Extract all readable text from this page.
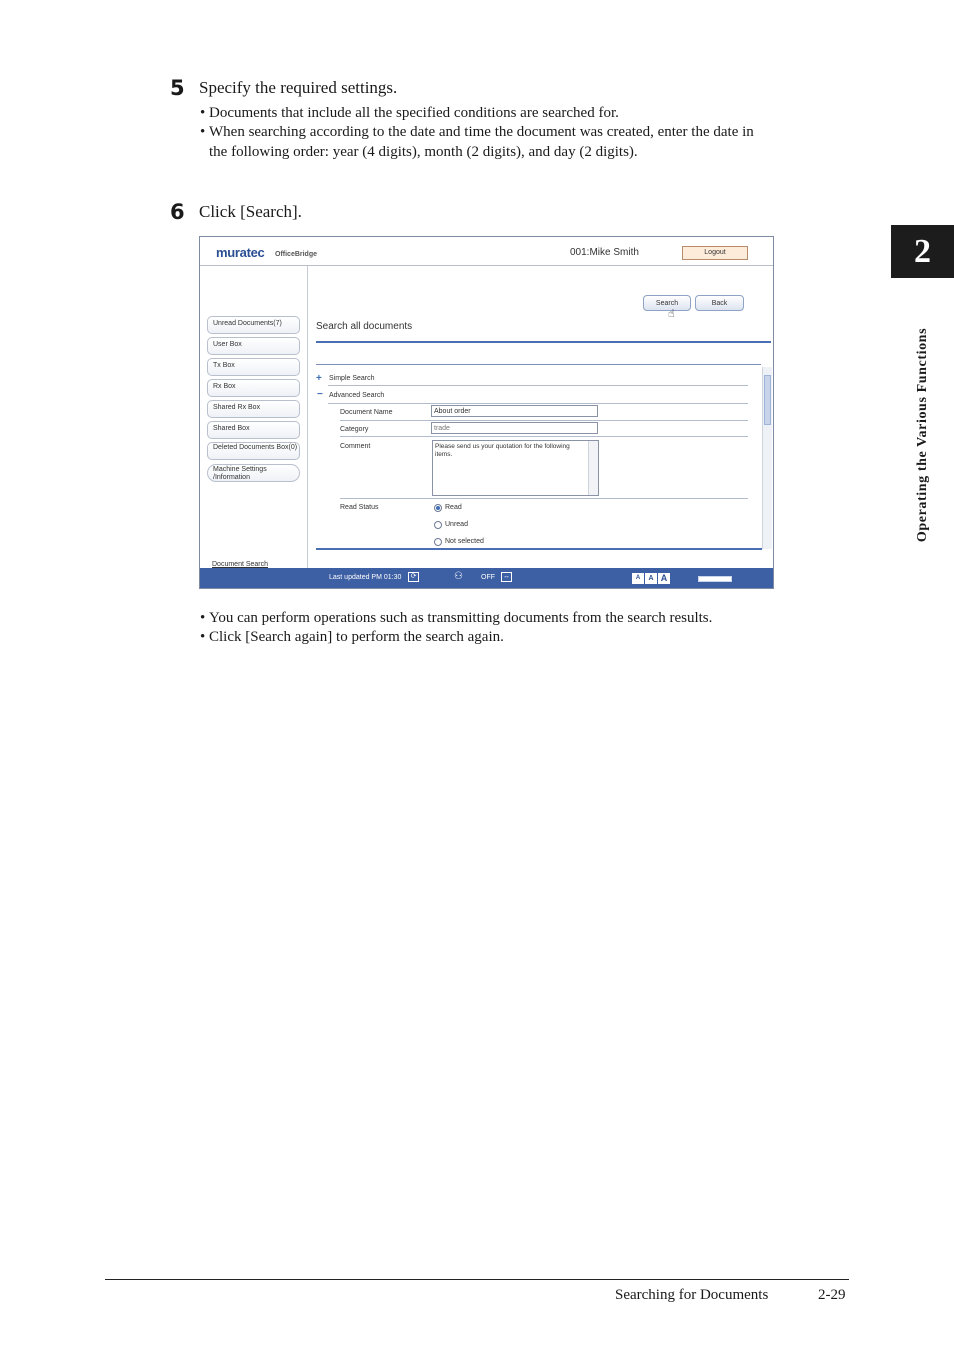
5 Specify the required settings.
• Documents that include all the specified conditions are searched for.
• When searching according to the date and time the document was created, enter the date in
the following order: year (4 digits), month (2 digits), and day (2 digits).
6 Click [Search].
2
Operating the Various Functions
muratec OfficeBridge	001:Mike Smith	Logout
Unread Documents(7)
User Box
Tx Box
Rx Box
Shared Rx Box
Shared Box
Deleted Documents Box(0)
Machine Settings /Information
Document Search
Search
☝
Back
Search all documents
+ Simple Search
− Advanced Search
Document Name	About order
Category	trade
Comment	Please send us your quotation for the following items.
Read Status	Read
Unread
Not selected
Last updated PM 01:30	⟳	⚇	OFF ↔	A	A A
• You can perform operations such as transmitting documents from the search results.
• Click [Search again] to perform the search again.
Searching for Documents	2-29
